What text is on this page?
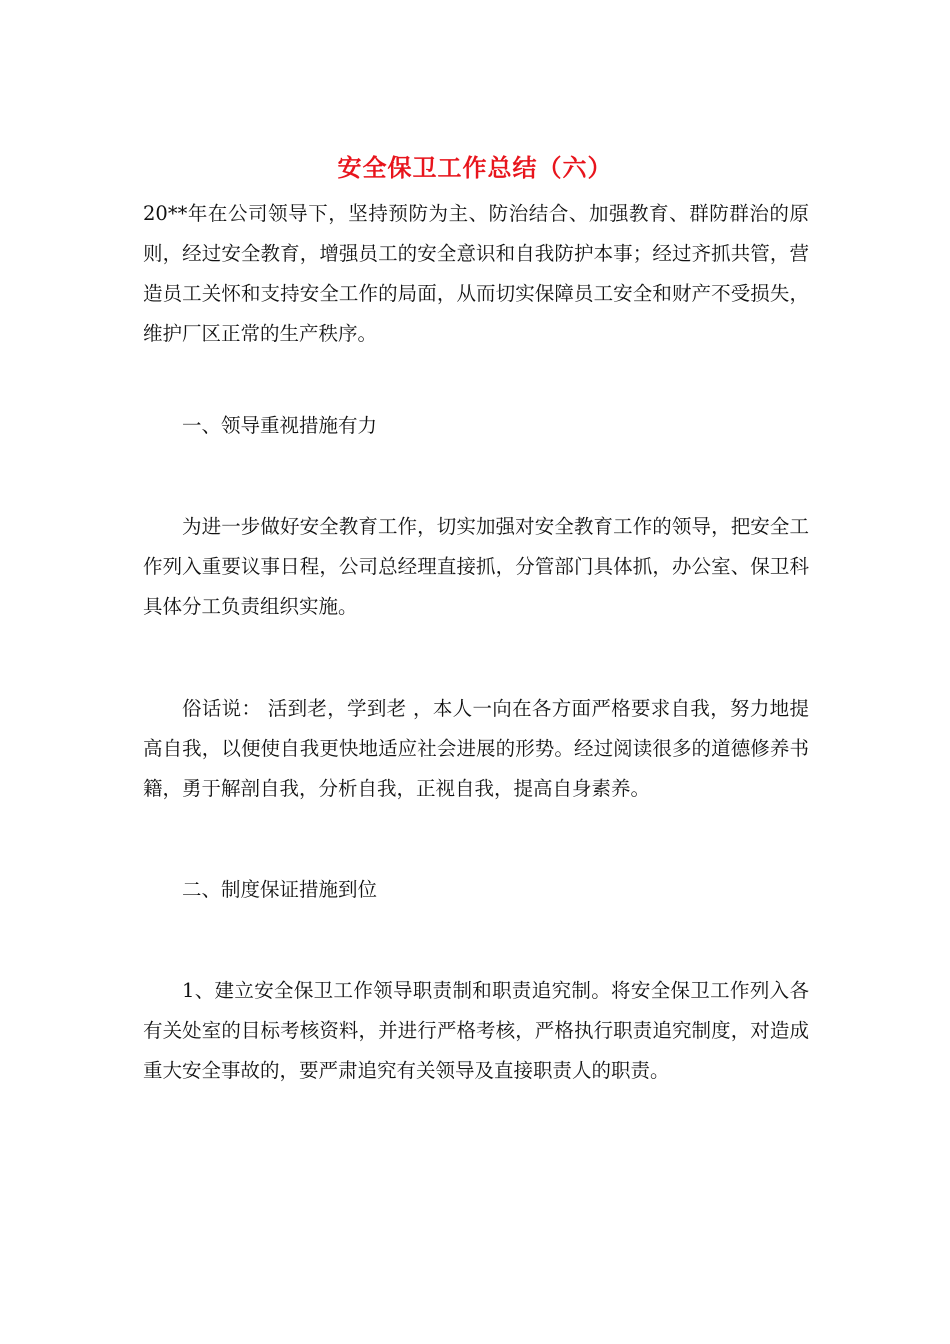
安全保卫工作总结（六）

20**年在公司领导下，坚持预防为主、防治结合、加强教育、群防群治的原则，经过安全教育，增强员工的安全意识和自我防护本事；经过齐抓共管，营造员工关怀和支持安全工作的局面，从而切实保障员工安全和财产不受损失，维护厂区正常的生产秩序。

一、领导重视措施有力

为进一步做好安全教育工作，切实加强对安全教育工作的领导，把安全工作列入重要议事日程，公司总经理直接抓，分管部门具体抓，办公室、保卫科具体分工负责组织实施。

俗话说： 活到老，学到老 ，本人一向在各方面严格要求自我，努力地提高自我，以便使自我更快地适应社会进展的形势。经过阅读很多的道德修养书籍，勇于解剖自我，分析自我，正视自我，提高自身素养。

二、制度保证措施到位

1、建立安全保卫工作领导职责制和职责追究制。将安全保卫工作列入各有关处室的目标考核资料，并进行严格考核，严格执行职责追究制度，对造成重大安全事故的，要严肃追究有关领导及直接职责人的职责。
